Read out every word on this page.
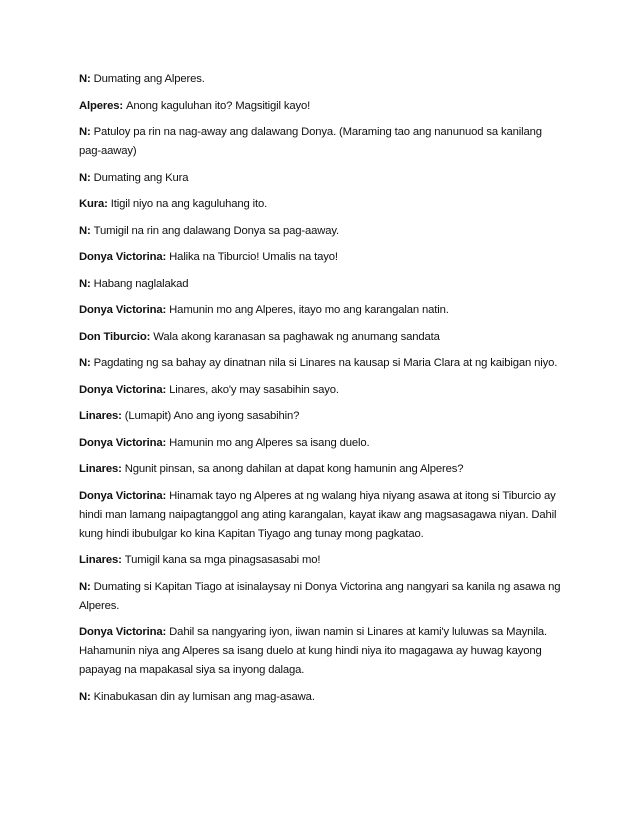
N: Dumating ang Alperes.

Alperes: Anong kaguluhan ito? Magsitigil kayo!

N: Patuloy pa rin na nag-away ang dalawang Donya. (Maraming tao ang nanunuod sa kanilang pag-aaway)

N: Dumating ang Kura

Kura: Itigil niyo na ang kaguluhang ito.

N: Tumigil na rin ang dalawang Donya sa pag-aaway.

Donya Victorina: Halika na Tiburcio! Umalis na tayo!

N: Habang naglalakad

Donya Victorina: Hamunin mo ang Alperes, itayo mo ang karangalan natin.

Don Tiburcio: Wala akong karanasan sa paghawak ng anumang sandata

N: Pagdating ng sa bahay ay dinatnan nila si Linares na kausap si Maria Clara at ng kaibigan niyo.

Donya Victorina: Linares, ako'y may sasabihin sayo.

Linares: (Lumapit) Ano ang iyong sasabihin?

Donya Victorina: Hamunin mo ang Alperes sa isang duelo.

Linares: Ngunit pinsan, sa anong dahilan at dapat kong hamunin ang Alperes?

Donya Victorina: Hinamak tayo ng Alperes at ng walang hiya niyang asawa at itong si Tiburcio ay hindi man lamang naipagtanggol ang ating karangalan, kayat ikaw ang magsasagawa niyan. Dahil kung hindi ibubulgar ko kina Kapitan Tiyago ang tunay mong pagkatao.

Linares: Tumigil kana sa mga pinagsasasabi mo!

N: Dumating si Kapitan Tiago at isinalaysay ni Donya Victorina ang nangyari sa kanila ng asawa ng Alperes.

Donya Victorina: Dahil sa nangyaring iyon, iiwan namin si Linares at kami'y luluwas sa Maynila. Hahamunin niya ang Alperes sa isang duelo at kung hindi niya ito magagawa ay huwag kayong papayag na mapakasal siya sa inyong dalaga.

N: Kinabukasan din ay lumisan ang mag-asawa.
